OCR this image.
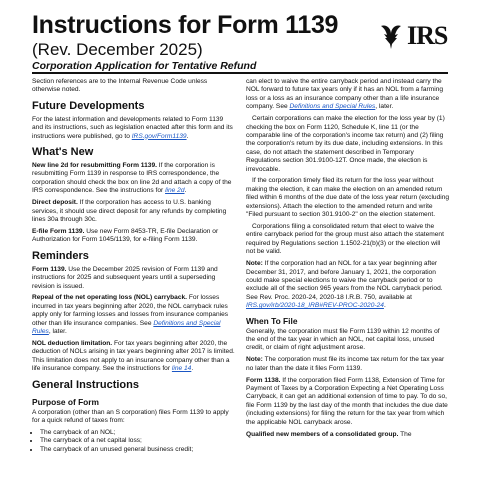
Instructions for Form 1139
(Rev. December 2025)
Corporation Application for Tentative Refund
IRS

Section references are to the Internal Revenue Code unless otherwise noted.

Future Developments

For the latest information and developments related to Form 1139 and its instructions, such as legislation enacted after this form and its instructions were published, go to IRS.gov/Form1139.

What's New

New line 2d for resubmitting Form 1139. If the corporation is resubmitting Form 1139 in response to IRS correspondence, the corporation should check the box on line 2d and attach a copy of the IRS correspondence. See the instructions for line 2d.

Direct deposit. If the corporation has access to U.S. banking services, it should use direct deposit for any refunds by completing lines 30a through 30c.

E-file Form 1139. Use new Form 8453-TR, E-file Declaration or Authorization for Form 1045/1139, for e-filing Form 1139.

Reminders

Form 1139. Use the December 2025 revision of Form 1139 and instructions for 2025 and subsequent years until a superseding revision is issued.

Repeal of the net operating loss (NOL) carryback. For losses incurred in tax years beginning after 2020, the NOL carryback rules apply only for farming losses and losses from insurance companies other than life insurance companies. See Definitions and Special Rules, later.

NOL deduction limitation. For tax years beginning after 2020, the deduction of NOLs arising in tax years beginning after 2017 is limited. This limitation does not apply to an insurance company other than a life insurance company. See the instructions for line 14.

General Instructions
Purpose of Form

A corporation (other than an S corporation) files Form 1139 to apply for a quick refund of taxes from:

• The carryback of an NOL;
• The carryback of a net capital loss;
• The carryback of an unused general business credit;

can elect to waive the entire carryback period and instead carry the NOL forward to future tax years only if it has an NOL from a farming loss or a loss as an insurance company other than a life insurance company. See Definitions and Special Rules, later.

Certain corporations can make the election for the loss year by (1) checking the box on Form 1120, Schedule K, line 11 (or the comparable line of the corporation's income tax return) and (2) filing the corporation's return by its due date, including extensions. In this case, do not attach the statement described in Temporary Regulations section 301.9100-12T. Once made, the election is irrevocable.

If the corporation timely filed its return for the loss year without making the election, it can make the election on an amended return filed within 6 months of the due date of the loss year return (excluding extensions). Attach the election to the amended return and write "Filed pursuant to section 301.9100-2" on the election statement.

Corporations filing a consolidated return that elect to waive the entire carryback period for the group must also attach the statement required by Regulations section 1.1502-21(b)(3) or the election will not be valid.

Note: If the corporation had an NOL for a tax year beginning after December 31, 2017, and before January 1, 2021, the corporation could make special elections to waive the carryback period or to exclude all of the section 965 years from the NOL carryback period. See Rev. Proc. 2020-24, 2020-18 I.R.B. 750, available at IRS.gov/irb/2020-18_IRB#REV-PROC-2020-24.

When To File

Generally, the corporation must file Form 1139 within 12 months of the end of the tax year in which an NOL, net capital loss, unused credit, or claim of right adjustment arose.

Note: The corporation must file its income tax return for the tax year no later than the date it files Form 1139.

Form 1138. If the corporation filed Form 1138, Extension of Time for Payment of Taxes by a Corporation Expecting a Net Operating Loss Carryback, it can get an additional extension of time to pay. To do so, file Form 1139 by the last day of the month that includes the due date (including extensions) for filing the return for the tax year from which the applicable NOL carryback arose.

Qualified new members of a consolidated group. The
